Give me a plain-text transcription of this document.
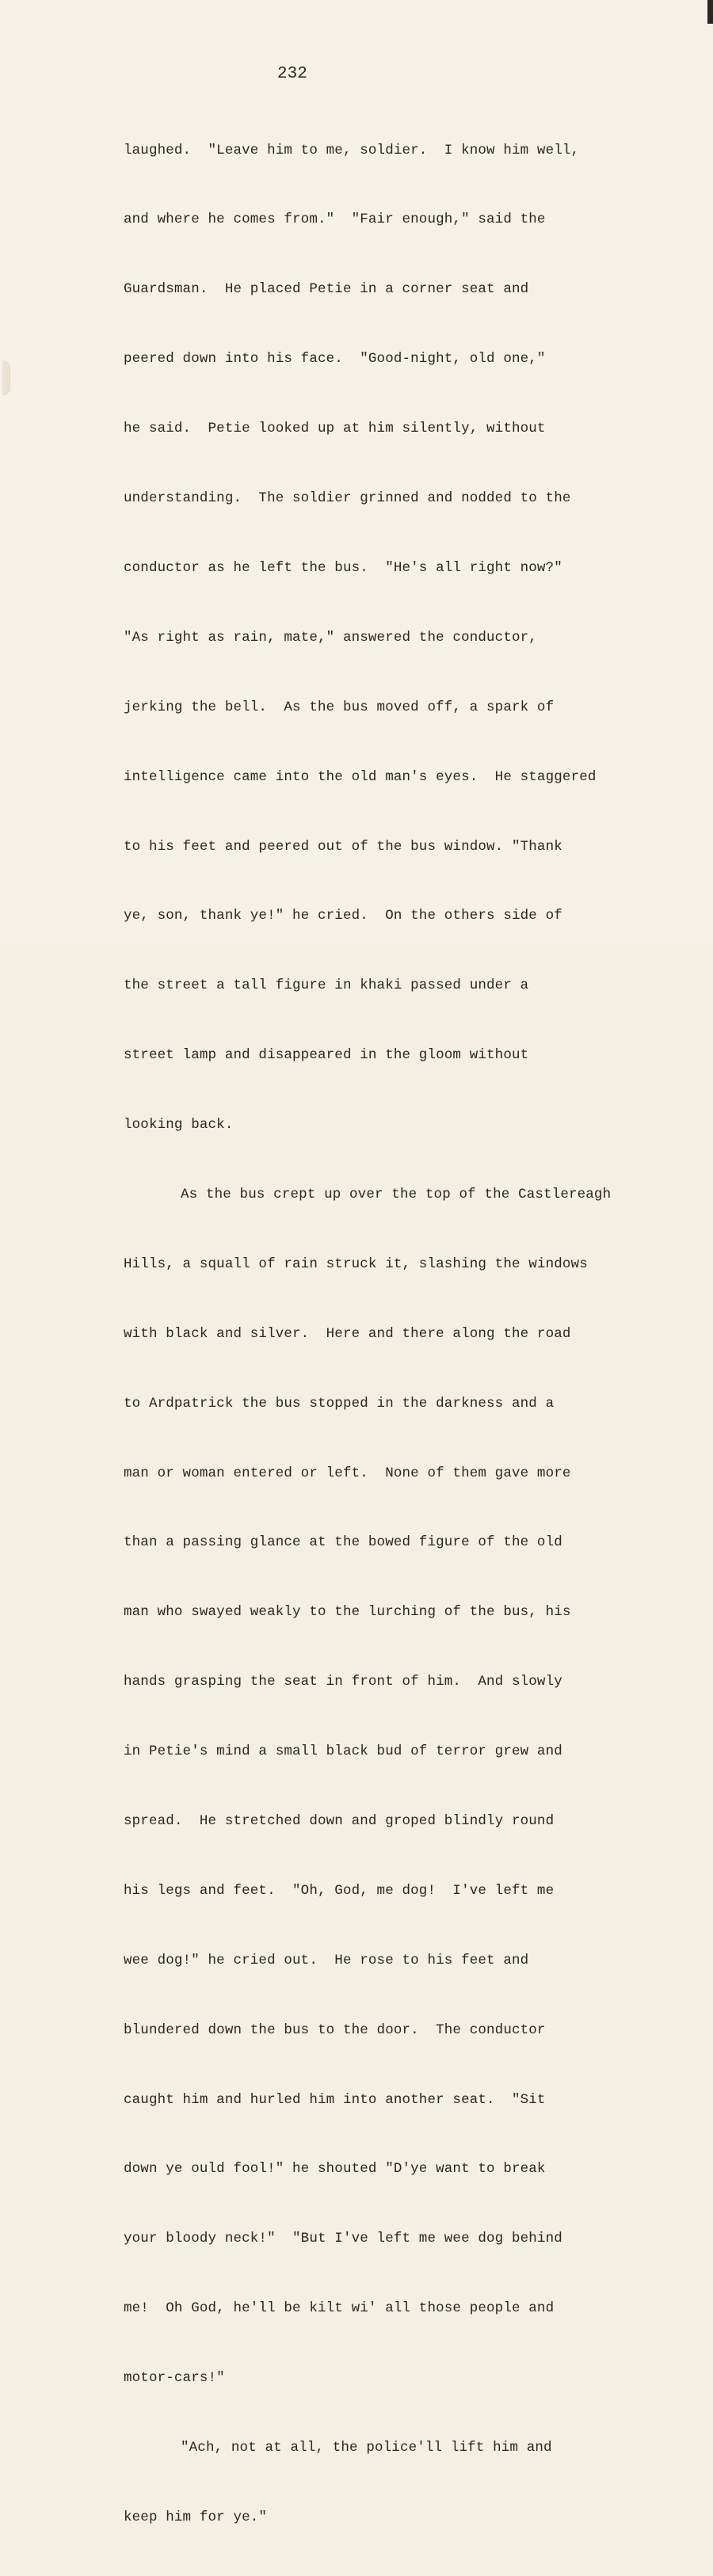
232

laughed.  "Leave him to me, soldier.  I know him well,

and where he comes from."  "Fair enough," said the

Guardsman.  He placed Petie in a corner seat and

peered down into his face.  "Good-night, old one,"

he said.  Petie looked up at him silently, without

understanding.  The soldier grinned and nodded to the

conductor as he left the bus.  "He's all right now?"

"As right as rain, mate," answered the conductor,

jerking the bell.  As the bus moved off, a spark of

intelligence came into the old man's eyes.  He staggered

to his feet and peered out of the bus window. "Thank

ye, son, thank ye!" he cried.  On the others side of

the street a tall figure in khaki passed under a

street lamp and disappeared in the gloom without

looking back.

As the bus crept up over the top of the Castlereagh

Hills, a squall of rain struck it, slashing the windows

with black and silver.  Here and there along the road

to Ardpatrick the bus stopped in the darkness and a

man or woman entered or left.  None of them gave more

than a passing glance at the bowed figure of the old

man who swayed weakly to the lurching of the bus, his

hands grasping the seat in front of him.  And slowly

in Petie's mind a small black bud of terror grew and

spread.  He stretched down and groped blindly round

his legs and feet.  "Oh, God, me dog!  I've left me

wee dog!" he cried out.  He rose to his feet and

blundered down the bus to the door.  The conductor

caught him and hurled him into another seat.  "Sit

down ye ould fool!" he shouted "D'ye want to break

your bloody neck!"  "But I've left me wee dog behind

me!  Oh God, he'll be kilt wi' all those people and

motor-cars!"

"Ach, not at all, the police'll lift him and

keep him for ye."
